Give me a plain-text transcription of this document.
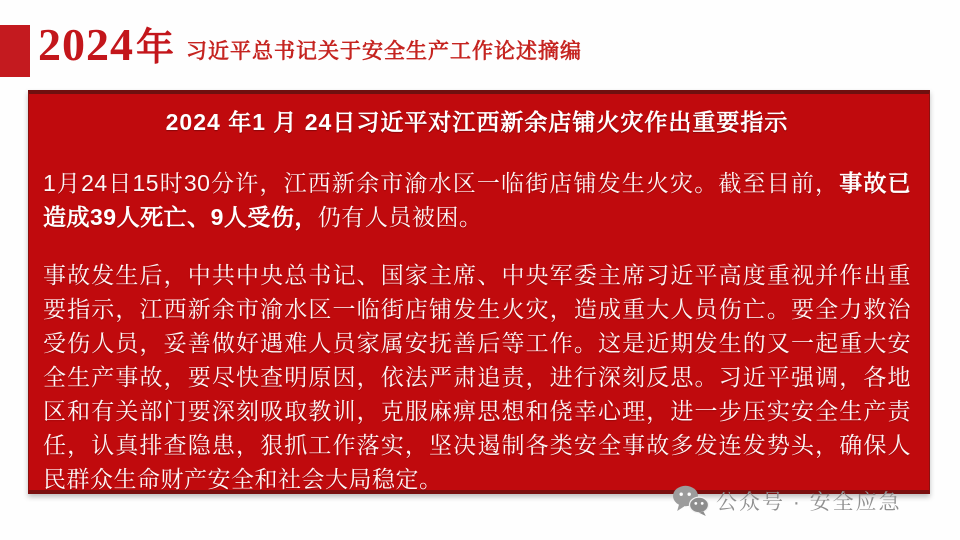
2024 年 习近平总书记关于安全生产工作论述摘编
2024 年1 月 24日习近平对江西新余店铺火灾作出重要指示

1月24日15时30分许，江西新余市渝水区一临街店铺发生火灾。截至目前，事故已造成39人死亡、9人受伤，仍有人员被困。

事故发生后，中共中央总书记、国家主席、中央军委主席习近平高度重视并作出重要指示，江西新余市渝水区一临街店铺发生火灾，造成重大人员伤亡。要全力救治受伤人员，妥善做好遇难人员家属安抚善后等工作。这是近期发生的又一起重大安全生产事故，要尽快查明原因，依法严肃追责，进行深刻反思。习近平强调，各地区和有关部门要深刻吸取教训，克服麻痹思想和侥幸心理，进一步压实安全生产责任，认真排查隐患，狠抓工作落实，坚决遏制各类安全事故多发连发势头，确保人民群众生命财产安全和社会大局稳定。

公众号 · 安全应急
